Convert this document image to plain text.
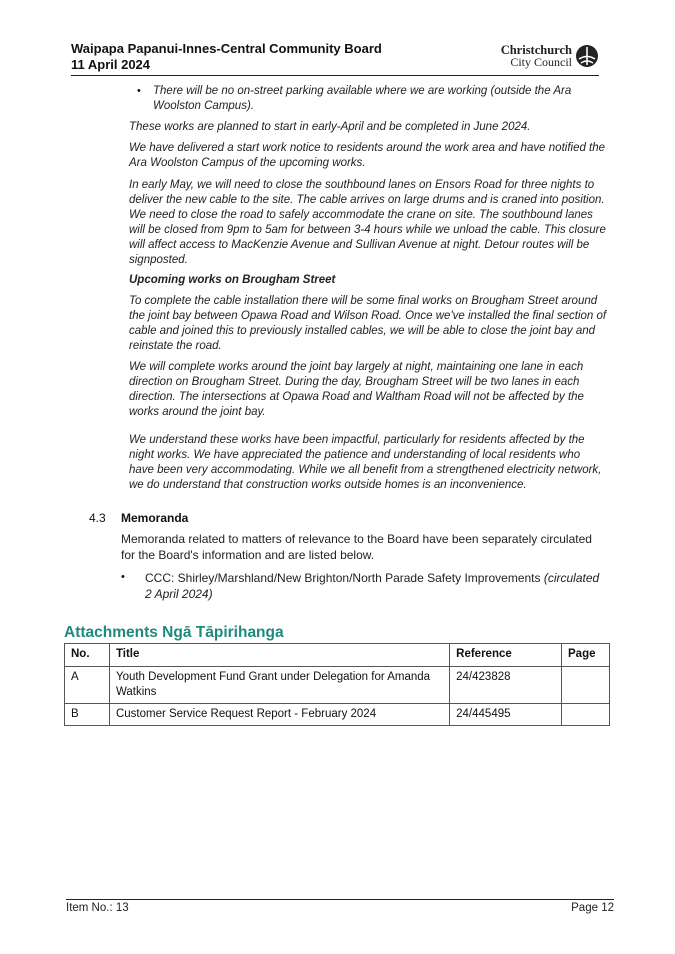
Waipapa Papanui-Innes-Central Community Board
11 April 2024
Christchurch
City Council
•	There will be no on-street parking available where we are working (outside the Ara Woolston Campus).

These works are planned to start in early-April and be completed in June 2024.

We have delivered a start work notice to residents around the work area and have notified the Ara Woolston Campus of the upcoming works.

In early May, we will need to close the southbound lanes on Ensors Road for three nights to deliver the new cable to the site. The cable arrives on large drums and is craned into position. We need to close the road to safely accommodate the crane on site. The southbound lanes will be closed from 9pm to 5am for between 3-4 hours while we unload the cable. This closure will affect access to MacKenzie Avenue and Sullivan Avenue at night. Detour routes will be signposted.

Upcoming works on Brougham Street

To complete the cable installation there will be some final works on Brougham Street around the joint bay between Opawa Road and Wilson Road. Once we've installed the final section of cable and joined this to previously installed cables, we will be able to close the joint bay and reinstate the road.

We will complete works around the joint bay largely at night, maintaining one lane in each direction on Brougham Street. During the day, Brougham Street will be two lanes in each direction. The intersections at Opawa Road and Waltham Road will not be affected by the works around the joint bay.

We understand these works have been impactful, particularly for residents affected by the night works. We have appreciated the patience and understanding of local residents who have been very accommodating. While we all benefit from a strengthened electricity network, we do understand that construction works outside homes is an inconvenience.

4.3 Memoranda

Memoranda related to matters of relevance to the Board have been separately circulated for the Board's information and are listed below.

•	CCC: Shirley/Marshland/New Brighton/North Parade Safety Improvements (circulated 2 April 2024)
Attachments Ngā Tāpirihanga
No.	Title	Reference	Page
A	Youth Development Fund Grant under Delegation for Amanda Watkins	24/423828	
B	Customer Service Request Report - February 2024	24/445495	
Item No.: 13	Page 12
